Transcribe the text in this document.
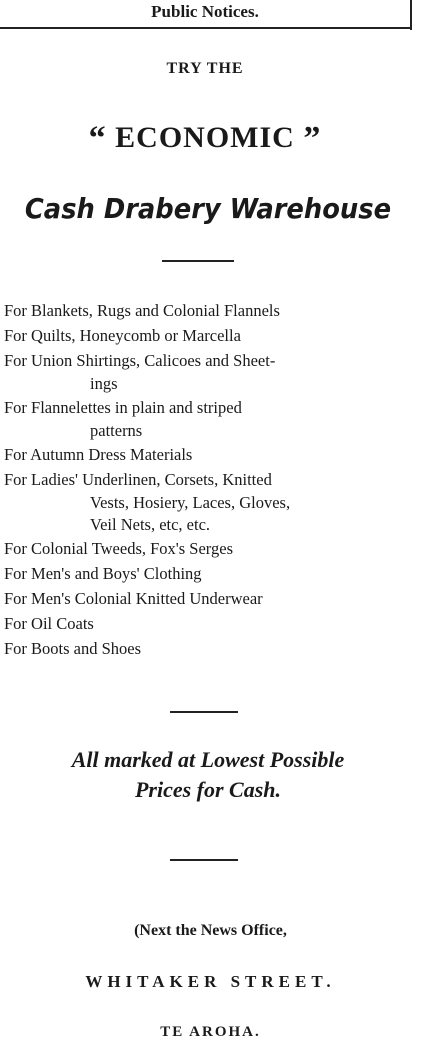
Public Notices.
TRY THE
“ ECONOMIC ”
Cash Drabery Warehouse
For Blankets, Rugs and Colonial Flannels
For Quilts, Honeycomb or Marcella
For Union Shirtings, Calicoes and Sheet-
ings
For Flannelettes in plain and striped
patterns
For Autumn Dress Materials
For Ladies' Underlinen, Corsets, Knitted
Vests, Hosiery, Laces, Gloves,
Veil Nets, etc, etc.
For Colonial Tweeds, Fox's Serges
For Men's and Boys' Clothing
For Men's Colonial Knitted Underwear
For Oil Coats
For Boots and Shoes
All marked at Lowest Possible
Prices for Cash.
(Next the News Office,
WHITAKER STREET.
TE AROHA.
